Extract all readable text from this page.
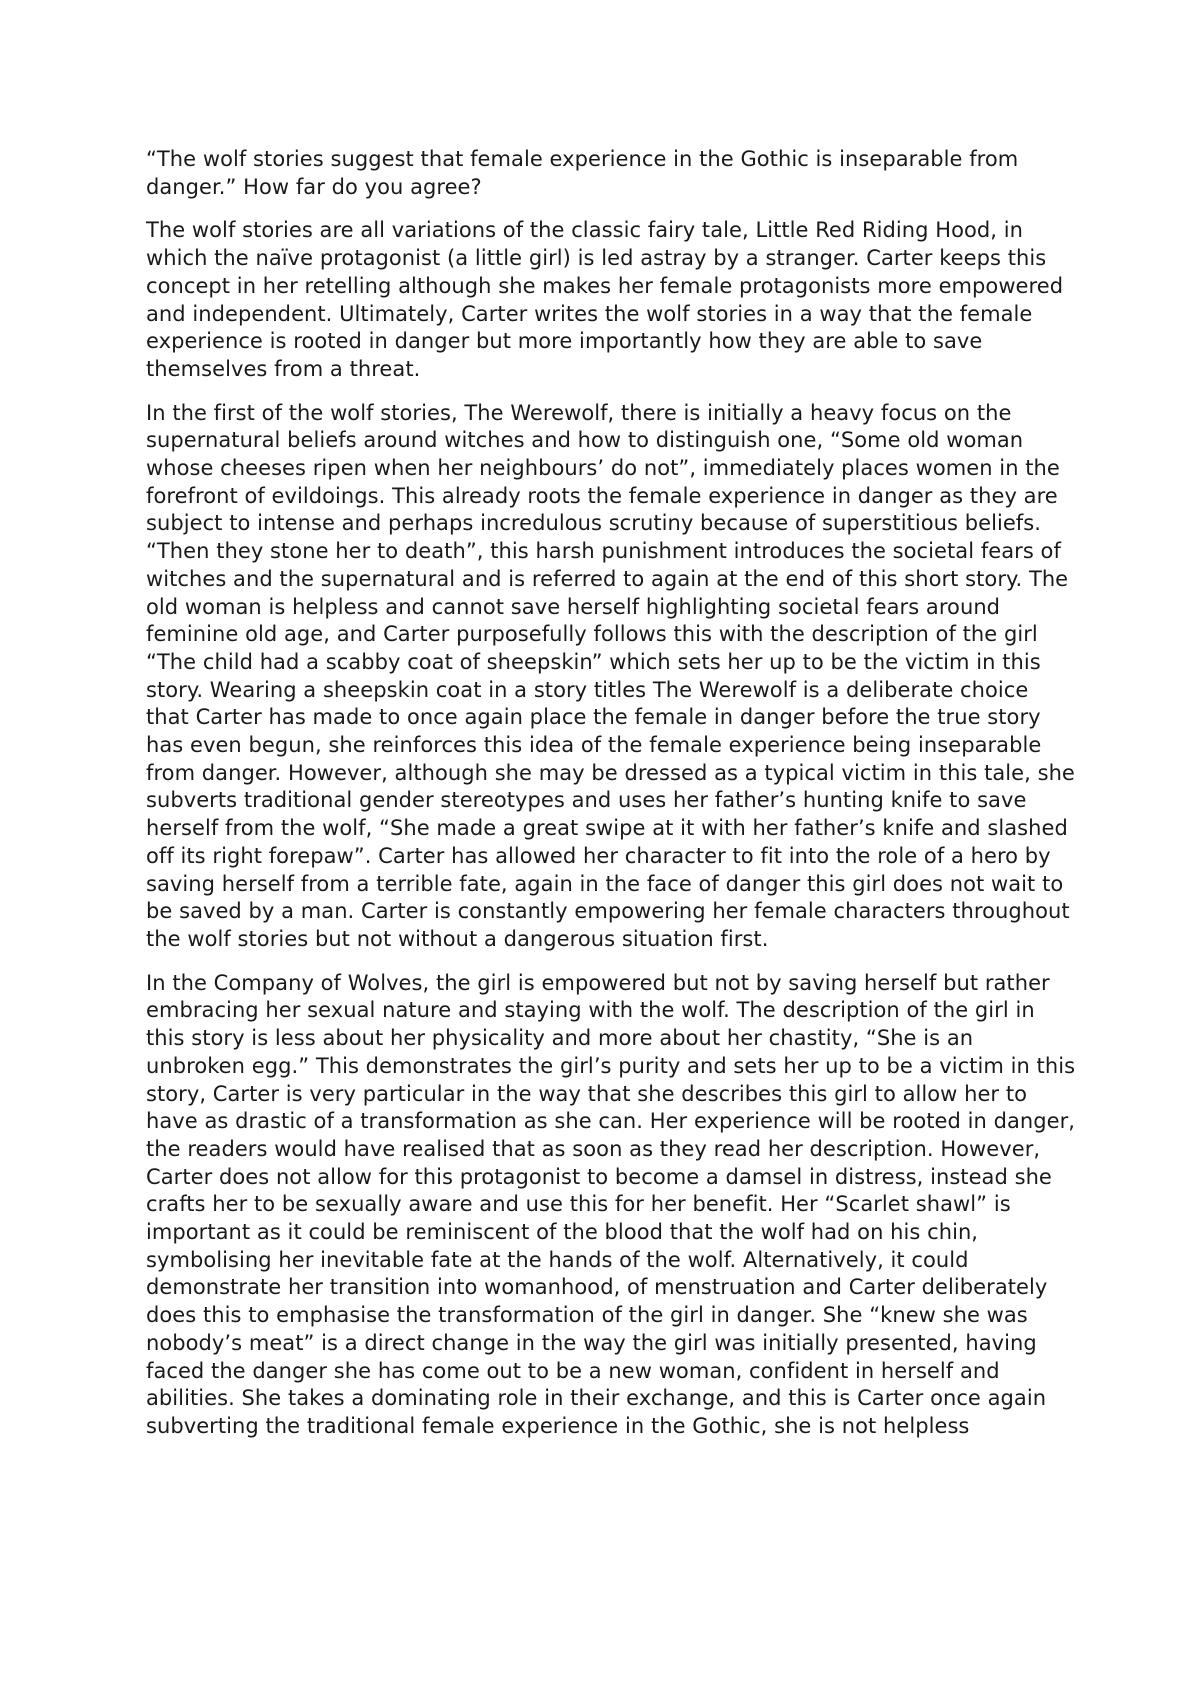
“The wolf stories suggest that female experience in the Gothic is inseparable from danger.” How far do you agree?

The wolf stories are all variations of the classic fairy tale, Little Red Riding Hood, in which the naïve protagonist (a little girl) is led astray by a stranger. Carter keeps this concept in her retelling although she makes her female protagonists more empowered and independent. Ultimately, Carter writes the wolf stories in a way that the female experience is rooted in danger but more importantly how they are able to save themselves from a threat.

In the first of the wolf stories, The Werewolf, there is initially a heavy focus on the supernatural beliefs around witches and how to distinguish one, “Some old woman whose cheeses ripen when her neighbours’ do not”, immediately places women in the forefront of evildoings. This already roots the female experience in danger as they are subject to intense and perhaps incredulous scrutiny because of superstitious beliefs. “Then they stone her to death”, this harsh punishment introduces the societal fears of witches and the supernatural and is referred to again at the end of this short story. The old woman is helpless and cannot save herself highlighting societal fears around feminine old age, and Carter purposefully follows this with the description of the girl “The child had a scabby coat of sheepskin” which sets her up to be the victim in this story. Wearing a sheepskin coat in a story titles The Werewolf is a deliberate choice that Carter has made to once again place the female in danger before the true story has even begun, she reinforces this idea of the female experience being inseparable from danger. However, although she may be dressed as a typical victim in this tale, she subverts traditional gender stereotypes and uses her father’s hunting knife to save herself from the wolf, “She made a great swipe at it with her father’s knife and slashed off its right forepaw”. Carter has allowed her character to fit into the role of a hero by saving herself from a terrible fate, again in the face of danger this girl does not wait to be saved by a man. Carter is constantly empowering her female characters throughout the wolf stories but not without a dangerous situation first.

In the Company of Wolves, the girl is empowered but not by saving herself but rather embracing her sexual nature and staying with the wolf. The description of the girl in this story is less about her physicality and more about her chastity, “She is an unbroken egg.” This demonstrates the girl’s purity and sets her up to be a victim in this story, Carter is very particular in the way that she describes this girl to allow her to have as drastic of a transformation as she can. Her experience will be rooted in danger, the readers would have realised that as soon as they read her description. However, Carter does not allow for this protagonist to become a damsel in distress, instead she crafts her to be sexually aware and use this for her benefit. Her “Scarlet shawl” is important as it could be reminiscent of the blood that the wolf had on his chin, symbolising her inevitable fate at the hands of the wolf. Alternatively, it could demonstrate her transition into womanhood, of menstruation and Carter deliberately does this to emphasise the transformation of the girl in danger. She “knew she was nobody’s meat” is a direct change in the way the girl was initially presented, having faced the danger she has come out to be a new woman, confident in herself and abilities. She takes a dominating role in their exchange, and this is Carter once again subverting the traditional female experience in the Gothic, she is not helpless
